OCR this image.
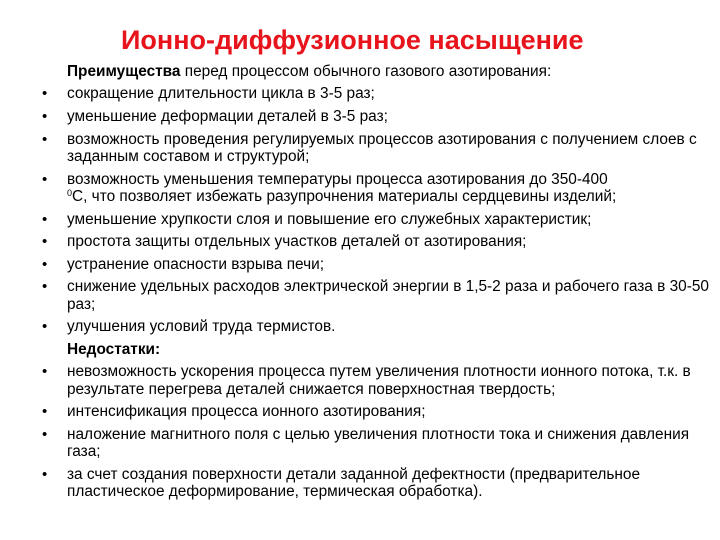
Ионно-диффузионное насыщение
Преимущества перед процессом обычного газового азотирования:
• сокращение длительности цикла в 3-5 раз;
• уменьшение деформации деталей в 3-5 раз;
• возможность проведения регулируемых процессов азотирования с получением слоев с заданным составом и структурой;
• возможность уменьшения температуры процесса азотирования до 350-400
$^0$С, что позволяет избежать разупрочнения материалы сердцевины изделий;
• уменьшение хрупкости слоя и повышение его служебных характеристик;
• простота защиты отдельных участков деталей от азотирования;
• устранение опасности взрыва печи;
• снижение удельных расходов электрической энергии в 1,5-2 раза и рабочего газа в 30-50 раз;
• улучшения условий труда термистов.
Недостатки:
• невозможность ускорения процесса путем увеличения плотности ионного потока, т.к. в результате перегрева деталей снижается поверхностная твердость;
• интенсификация процесса ионного азотирования;
• наложение магнитного поля с целью увеличения плотности тока и снижения давления газа;
• за счет создания поверхности детали заданной дефектности (предварительное пластическое деформирование, термическая обработка).
